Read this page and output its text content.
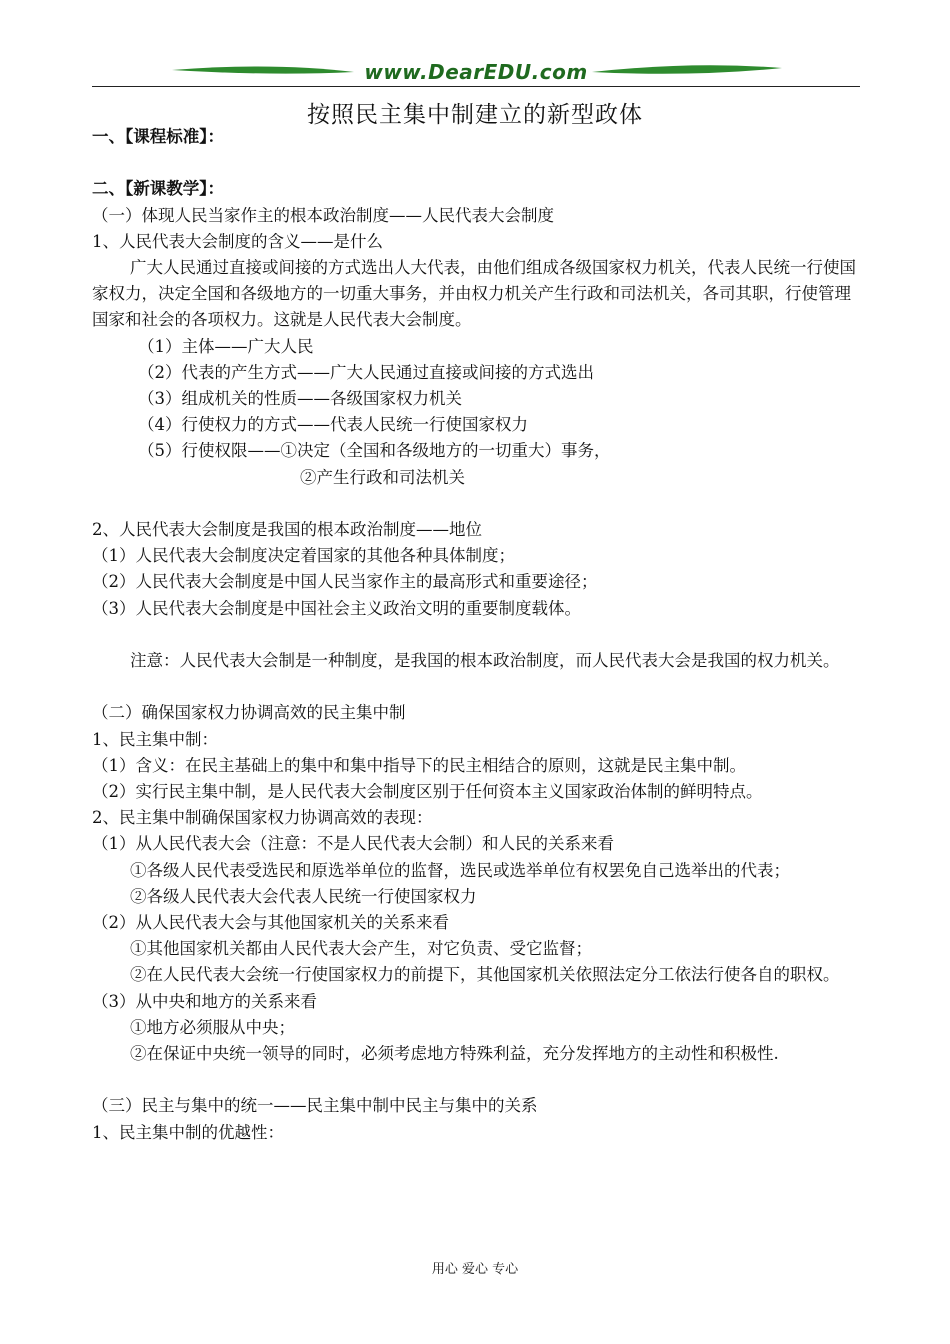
www.DearEDU.com
按照民主集中制建立的新型政体

一、【课程标准】：

二、【新课教学】：

（一）体现人民当家作主的根本政治制度——人民代表大会制度

1、人民代表大会制度的含义——是什么

广大人民通过直接或间接的方式选出人大代表，由他们组成各级国家权力机关，代表人民统一行使国家权力，决定全国和各级地方的一切重大事务，并由权力机关产生行政和司法机关，各司其职，行使管理国家和社会的各项权力。这就是人民代表大会制度。

（1）主体——广大人民

（2）代表的产生方式——广大人民通过直接或间接的方式选出

（3）组成机关的性质——各级国家权力机关

（4）行使权力的方式——代表人民统一行使国家权力

（5）行使权限——①决定（全国和各级地方的一切重大）事务，

②产生行政和司法机关

2、人民代表大会制度是我国的根本政治制度——地位

（1）人民代表大会制度决定着国家的其他各种具体制度；

（2）人民代表大会制度是中国人民当家作主的最高形式和重要途径；

（3）人民代表大会制度是中国社会主义政治文明的重要制度载体。

注意：人民代表大会制是一种制度，是我国的根本政治制度，而人民代表大会是我国的权力机关。

（二）确保国家权力协调高效的民主集中制

1、民主集中制：

（1）含义：在民主基础上的集中和集中指导下的民主相结合的原则，这就是民主集中制。

（2）实行民主集中制，是人民代表大会制度区别于任何资本主义国家政治体制的鲜明特点。

2、民主集中制确保国家权力协调高效的表现：

（1）从人民代表大会（注意：不是人民代表大会制）和人民的关系来看

①各级人民代表受选民和原选举单位的监督，选民或选举单位有权罢免自己选举出的代表；

②各级人民代表大会代表人民统一行使国家权力

（2）从人民代表大会与其他国家机关的关系来看

①其他国家机关都由人民代表大会产生，对它负责、受它监督；

②在人民代表大会统一行使国家权力的前提下，其他国家机关依照法定分工依法行使各自的职权。

（3）从中央和地方的关系来看

①地方必须服从中央；

②在保证中央统一领导的同时，必须考虑地方特殊利益，充分发挥地方的主动性和积极性.

（三）民主与集中的统一——民主集中制中民主与集中的关系

1、民主集中制的优越性：

用心 爱心 专心
